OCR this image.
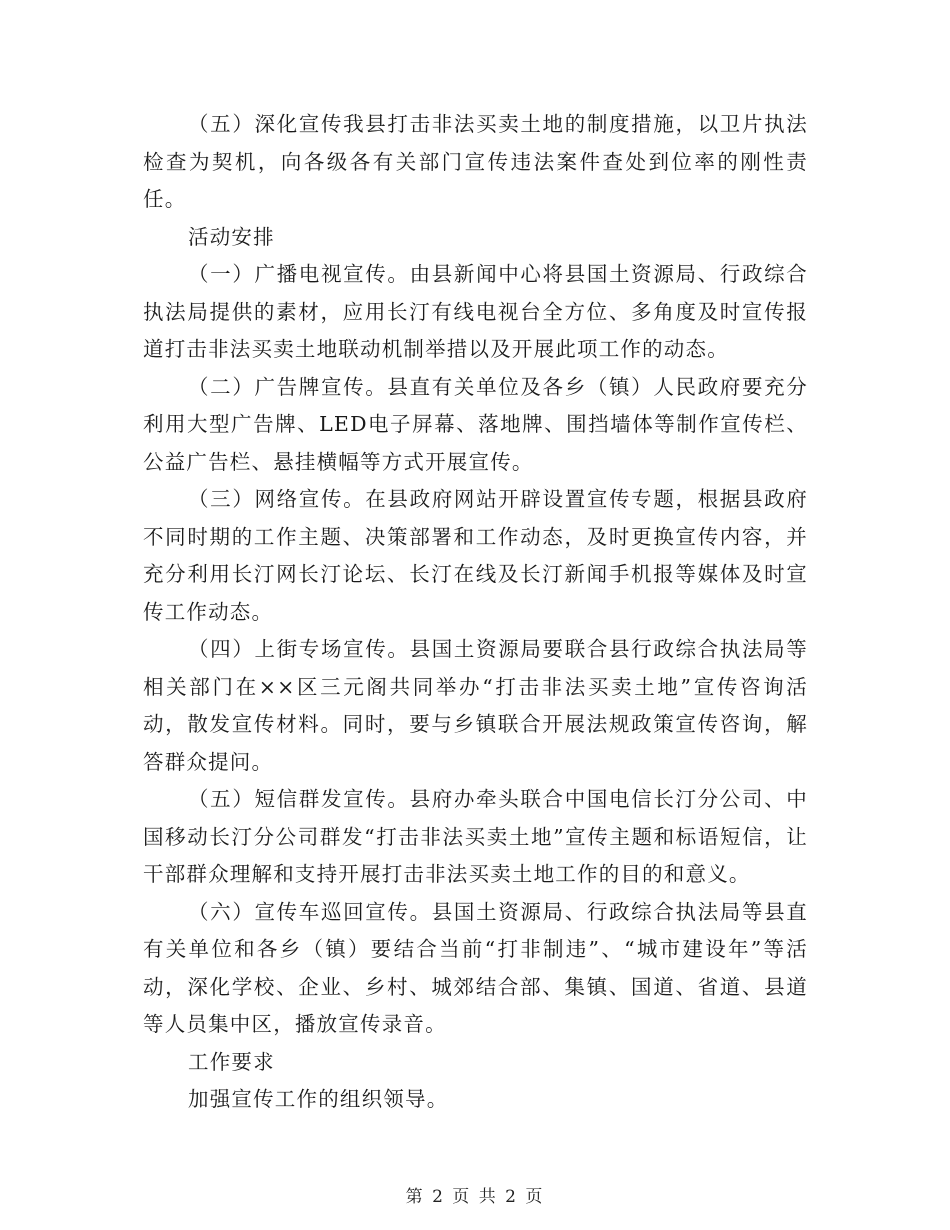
（五）深化宣传我县打击非法买卖土地的制度措施，以卫片执法检查为契机，向各级各有关部门宣传违法案件查处到位率的刚性责任。

活动安排

（一）广播电视宣传。由县新闻中心将县国土资源局、行政综合执法局提供的素材，应用长汀有线电视台全方位、多角度及时宣传报道打击非法买卖土地联动机制举措以及开展此项工作的动态。

（二）广告牌宣传。县直有关单位及各乡（镇）人民政府要充分利用大型广告牌、LED电子屏幕、落地牌、围挡墙体等制作宣传栏、公益广告栏、悬挂横幅等方式开展宣传。

（三）网络宣传。在县政府网站开辟设置宣传专题，根据县政府不同时期的工作主题、决策部署和工作动态，及时更换宣传内容，并充分利用长汀网长汀论坛、长汀在线及长汀新闻手机报等媒体及时宣传工作动态。

（四）上街专场宣传。县国土资源局要联合县行政综合执法局等相关部门在××区三元阁共同举办“打击非法买卖土地”宣传咨询活动，散发宣传材料。同时，要与乡镇联合开展法规政策宣传咨询，解答群众提问。

（五）短信群发宣传。县府办牵头联合中国电信长汀分公司、中国移动长汀分公司群发“打击非法买卖土地”宣传主题和标语短信，让干部群众理解和支持开展打击非法买卖土地工作的目的和意义。

（六）宣传车巡回宣传。县国土资源局、行政综合执法局等县直有关单位和各乡（镇）要结合当前“打非制违”、“城市建设年”等活动，深化学校、企业、乡村、城郊结合部、集镇、国道、省道、县道等人员集中区，播放宣传录音。

工作要求

加强宣传工作的组织领导。

第 2 页 共 2 页
